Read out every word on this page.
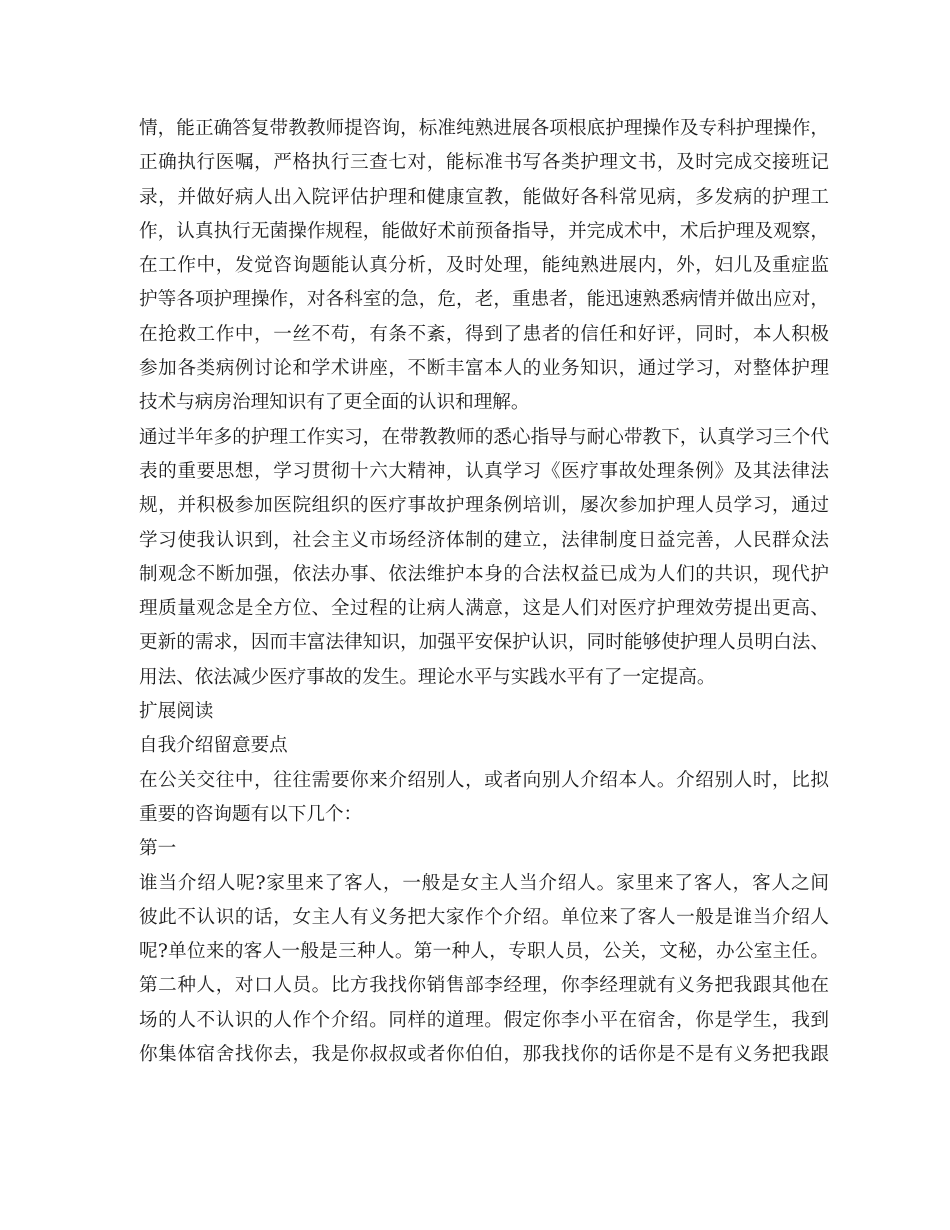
情，能正确答复带教教师提咨询，标准纯熟进展各项根底护理操作及专科护理操作，
正确执行医嘱，严格执行三查七对，能标准书写各类护理文书，及时完成交接班记
录，并做好病人出入院评估护理和健康宣教，能做好各科常见病，多发病的护理工
作，认真执行无菌操作规程，能做好术前预备指导，并完成术中，术后护理及观察，
在工作中，发觉咨询题能认真分析，及时处理，能纯熟进展内，外，妇儿及重症监
护等各项护理操作，对各科室的急，危，老，重患者，能迅速熟悉病情并做出应对，
在抢救工作中，一丝不苟，有条不紊，得到了患者的信任和好评，同时，本人积极
参加各类病例讨论和学术讲座，不断丰富本人的业务知识，通过学习，对整体护理
技术与病房治理知识有了更全面的认识和理解。
通过半年多的护理工作实习，在带教教师的悉心指导与耐心带教下，认真学习三个代
表的重要思想，学习贯彻十六大精神，认真学习《医疗事故处理条例》及其法律法
规，并积极参加医院组织的医疗事故护理条例培训，屡次参加护理人员学习，通过
学习使我认识到，社会主义市场经济体制的建立，法律制度日益完善，人民群众法
制观念不断加强，依法办事、依法维护本身的合法权益已成为人们的共识，现代护
理质量观念是全方位、全过程的让病人满意，这是人们对医疗护理效劳提出更高、
更新的需求，因而丰富法律知识，加强平安保护认识，同时能够使护理人员明白法、
用法、依法减少医疗事故的发生。理论水平与实践水平有了一定提高。
扩展阅读
自我介绍留意要点
在公关交往中，往往需要你来介绍别人，或者向别人介绍本人。介绍别人时，比拟
重要的咨询题有以下几个：
第一
谁当介绍人呢?家里来了客人，一般是女主人当介绍人。家里来了客人，客人之间
彼此不认识的话，女主人有义务把大家作个介绍。单位来了客人一般是谁当介绍人
呢?单位来的客人一般是三种人。第一种人，专职人员，公关，文秘，办公室主任。
第二种人，对口人员。比方我找你销售部李经理，你李经理就有义务把我跟其他在
场的人不认识的人作个介绍。同样的道理。假定你李小平在宿舍，你是学生，我到
你集体宿舍找你去，我是你叔叔或者你伯伯，那我找你的话你是不是有义务把我跟
